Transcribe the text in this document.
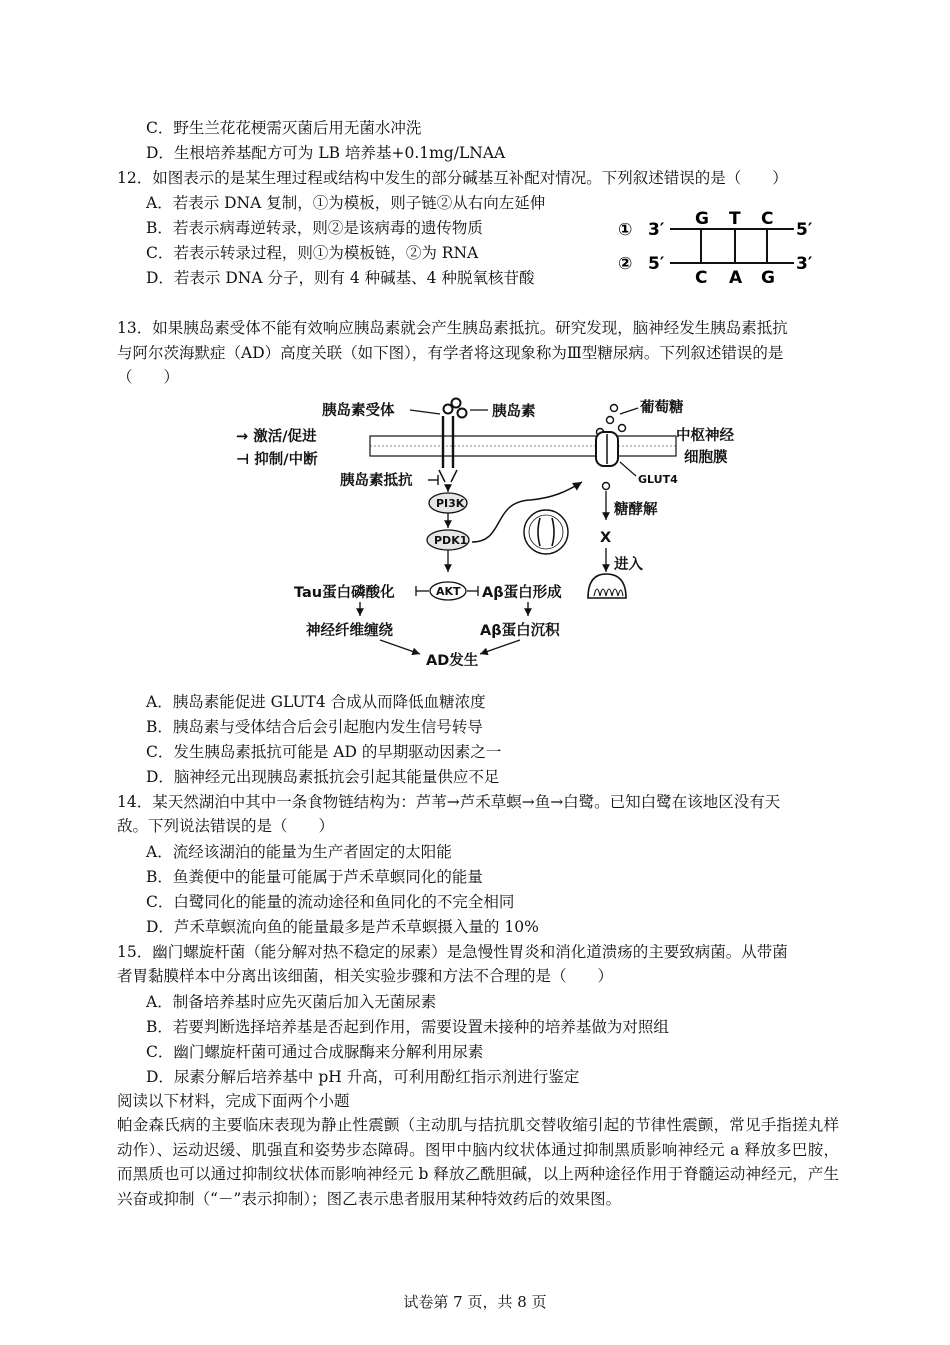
C．野生兰花花梗需灭菌后用无菌水冲洗
D．生根培养基配方可为 LB 培养基+0.1mg/LNAA
12．如图表示的是某生理过程或结构中发生的部分碱基互补配对情况。下列叙述错误的是（　　）
A．若表示 DNA 复制，①为模板，则子链②从右向左延伸
B．若表示病毒逆转录，则②是该病毒的遗传物质
C．若表示转录过程，则①为模板链，②为 RNA
D．若表示 DNA 分子，则有 4 种碱基、4 种脱氧核苷酸
① 3′	5′
G T C
② 5′	3′
C A G
13．如果胰岛素受体不能有效响应胰岛素就会产生胰岛素抵抗。研究发现，脑神经发生胰岛素抵抗
与阿尔茨海默症（AD）高度关联（如下图），有学者将这现象称为Ⅲ型糖尿病。下列叙述错误的是
（　　）
胰岛素受体	胰岛素	葡萄糖
GLUT4
中枢神经
细胞膜
→ 激活/促进
⊣ 抑制/中断
胰岛素抵抗
PI3K
PDK1
糖酵解
X
进入
AKT
Tau蛋白磷酸化	Aβ蛋白形成
神经纤维缠绕	Aβ蛋白沉积
AD发生
A．胰岛素能促进 GLUT4 合成从而降低血糖浓度
B．胰岛素与受体结合后会引起胞内发生信号转导
C．发生胰岛素抵抗可能是 AD 的早期驱动因素之一
D．脑神经元出现胰岛素抵抗会引起其能量供应不足
14．某天然湖泊中其中一条食物链结构为：芦苇→芦禾草螟→鱼→白鹭。已知白鹭在该地区没有天
敌。下列说法错误的是（　　）
A．流经该湖泊的能量为生产者固定的太阳能
B．鱼粪便中的能量可能属于芦禾草螟同化的能量
C．白鹭同化的能量的流动途径和鱼同化的不完全相同
D．芦禾草螟流向鱼的能量最多是芦禾草螟摄入量的 10%
15．幽门螺旋杆菌（能分解对热不稳定的尿素）是急慢性胃炎和消化道溃疡的主要致病菌。从带菌
者胃黏膜样本中分离出该细菌，相关实验步骤和方法不合理的是（　　）
A．制备培养基时应先灭菌后加入无菌尿素
B．若要判断选择培养基是否起到作用，需要设置未接种的培养基做为对照组
C．幽门螺旋杆菌可通过合成脲酶来分解利用尿素
D．尿素分解后培养基中 pH 升高，可利用酚红指示剂进行鉴定
阅读以下材料，完成下面两个小题
帕金森氏病的主要临床表现为静止性震颤（主动肌与拮抗肌交替收缩引起的节律性震颤，常见手指搓丸样动作）、运动迟缓、肌强直和姿势步态障碍。图甲中脑内纹状体通过抑制黑质影响神经元 a 释放多巴胺，而黑质也可以通过抑制纹状体而影响神经元 b 释放乙酰胆碱，以上两种途径作用于脊髓运动神经元，产生兴奋或抑制（“－”表示抑制）；图乙表示患者服用某种特效药后的效果图。
试卷第 7 页，共 8 页
